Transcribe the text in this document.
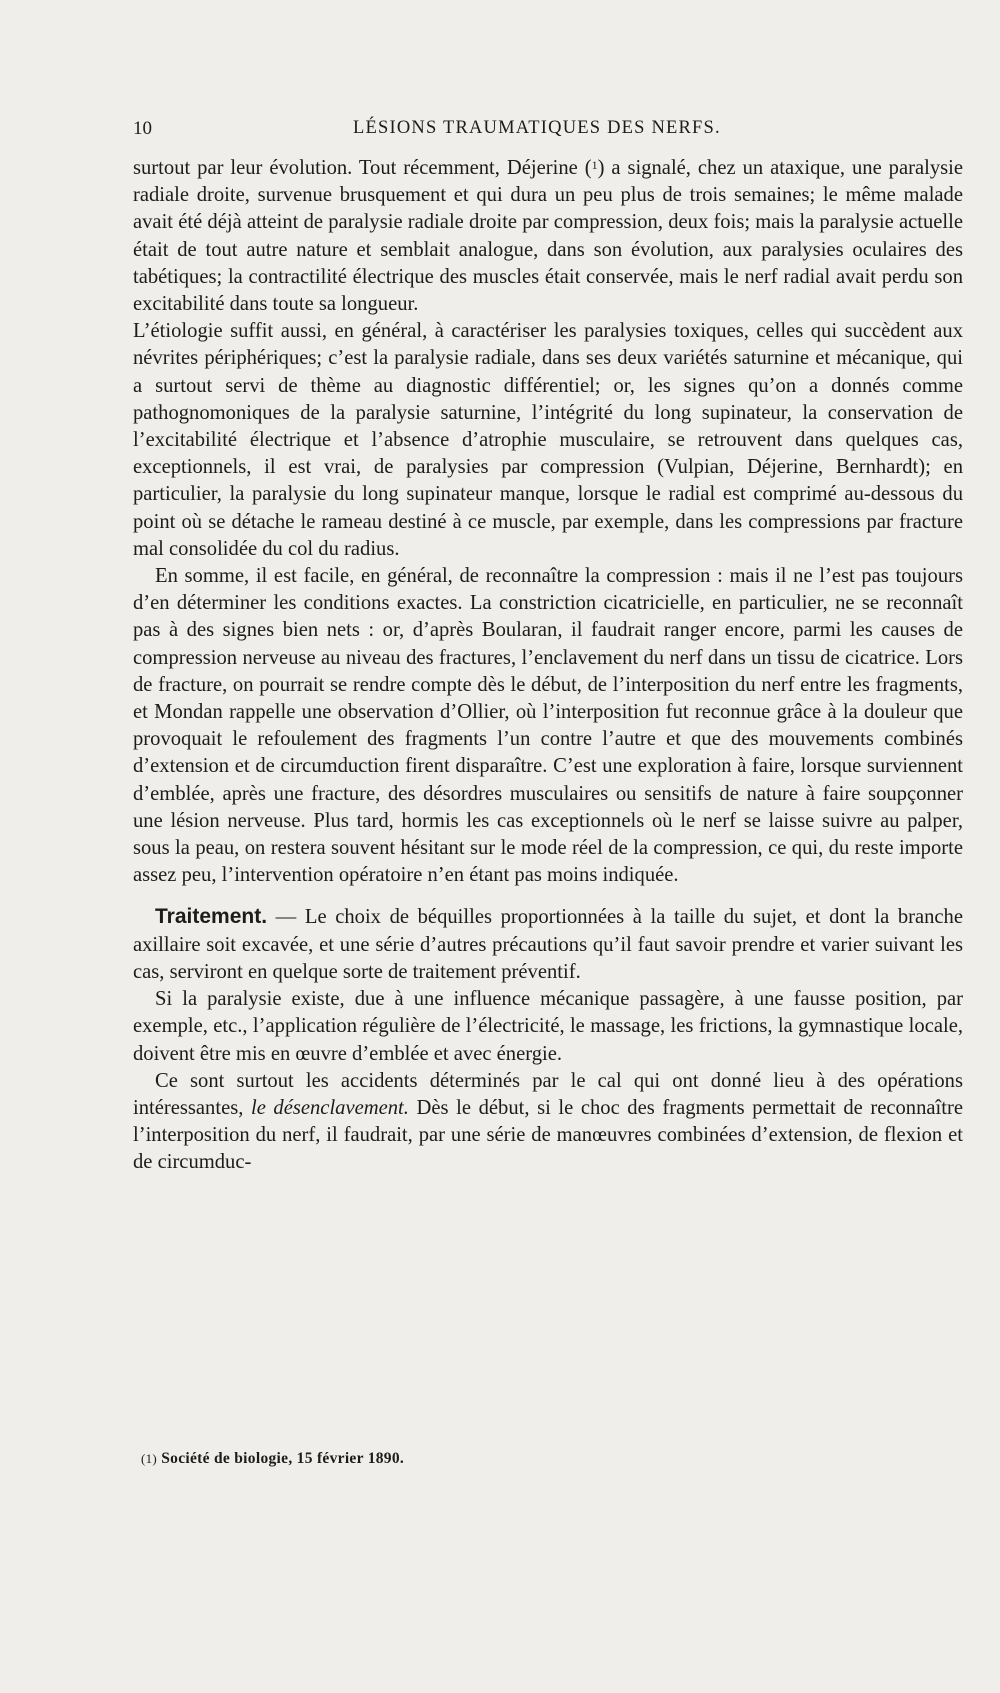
10	LÉSIONS TRAUMATIQUES DES NERFS.

surtout par leur évolution. Tout récemment, Déjerine ($^1$) a signalé, chez un ataxique, une paralysie radiale droite, survenue brusquement et qui dura un peu plus de trois semaines; le même malade avait été déjà atteint de paralysie radiale droite par compression, deux fois; mais la paralysie actuelle était de tout autre nature et semblait analogue, dans son évolution, aux paralysies oculaires des tabétiques; la contractilité électrique des muscles était conservée, mais le nerf radial avait perdu son excitabilité dans toute sa longueur.

L’étiologie suffit aussi, en général, à caractériser les paralysies toxiques, celles qui succèdent aux névrites périphériques; c’est la paralysie radiale, dans ses deux variétés saturnine et mécanique, qui a surtout servi de thème au diagnostic différentiel; or, les signes qu’on a donnés comme pathognomoniques de la paralysie saturnine, l’intégrité du long supinateur, la conservation de l’excitabilité électrique et l’absence d’atrophie musculaire, se retrouvent dans quelques cas, exceptionnels, il est vrai, de paralysies par compression (Vulpian, Déjerine, Bernhardt); en particulier, la paralysie du long supinateur manque, lorsque le radial est comprimé au-dessous du point où se détache le rameau destiné à ce muscle, par exemple, dans les compressions par fracture mal consolidée du col du radius.

En somme, il est facile, en général, de reconnaître la compression : mais il ne l’est pas toujours d’en déterminer les conditions exactes. La constriction cicatricielle, en particulier, ne se reconnaît pas à des signes bien nets : or, d’après Boularan, il faudrait ranger encore, parmi les causes de compression nerveuse au niveau des fractures, l’enclavement du nerf dans un tissu de cicatrice. Lors de fracture, on pourrait se rendre compte dès le début, de l’interposition du nerf entre les fragments, et Mondan rappelle une observation d’Ollier, où l’interposition fut reconnue grâce à la douleur que provoquait le refoulement des fragments l’un contre l’autre et que des mouvements combinés d’extension et de circumduction firent disparaître. C’est une exploration à faire, lorsque surviennent d’emblée, après une fracture, des désordres musculaires ou sensitifs de nature à faire soupçonner une lésion nerveuse. Plus tard, hormis les cas exceptionnels où le nerf se laisse suivre au palper, sous la peau, on restera souvent hésitant sur le mode réel de la compression, ce qui, du reste importe assez peu, l’intervention opératoire n’en étant pas moins indiquée.

Traitement. — Le choix de béquilles proportionnées à la taille du sujet, et dont la branche axillaire soit excavée, et une série d’autres précautions qu’il faut savoir prendre et varier suivant les cas, serviront en quelque sorte de traitement préventif.

Si la paralysie existe, due à une influence mécanique passagère, à une fausse position, par exemple, etc., l’application régulière de l’électricité, le massage, les frictions, la gymnastique locale, doivent être mis en œuvre d’emblée et avec énergie.

Ce sont surtout les accidents déterminés par le cal qui ont donné lieu à des opérations intéressantes, le désenclavement. Dès le début, si le choc des fragments permettait de reconnaître l’interposition du nerf, il faudrait, par une série de manœuvres combinées d’extension, de flexion et de circumduc-

(1) Société de biologie, 15 février 1890.
